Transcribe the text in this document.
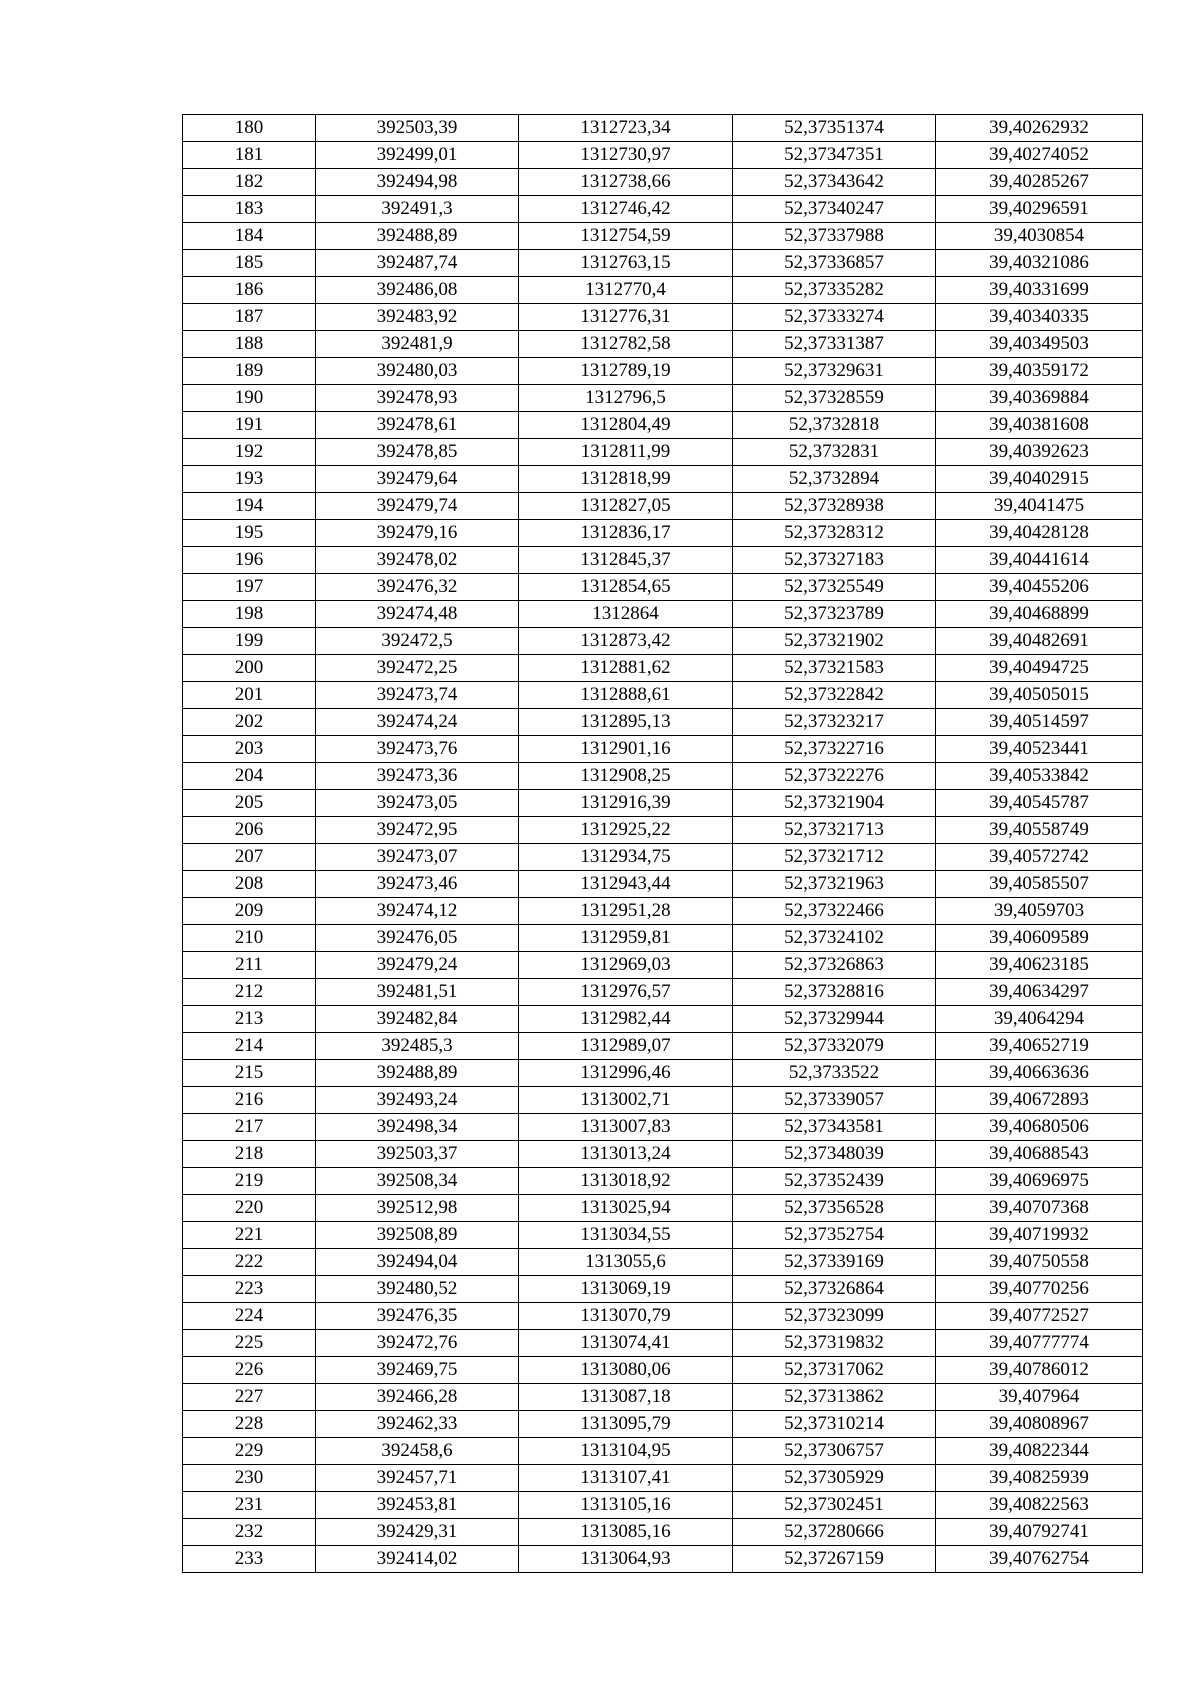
180	392503,39	1312723,34	52,37351374	39,40262932
181	392499,01	1312730,97	52,37347351	39,40274052
182	392494,98	1312738,66	52,37343642	39,40285267
183	392491,3	1312746,42	52,37340247	39,40296591
184	392488,89	1312754,59	52,37337988	39,4030854
185	392487,74	1312763,15	52,37336857	39,40321086
186	392486,08	1312770,4	52,37335282	39,40331699
187	392483,92	1312776,31	52,37333274	39,40340335
188	392481,9	1312782,58	52,37331387	39,40349503
189	392480,03	1312789,19	52,37329631	39,40359172
190	392478,93	1312796,5	52,37328559	39,40369884
191	392478,61	1312804,49	52,3732818	39,40381608
192	392478,85	1312811,99	52,3732831	39,40392623
193	392479,64	1312818,99	52,3732894	39,40402915
194	392479,74	1312827,05	52,37328938	39,4041475
195	392479,16	1312836,17	52,37328312	39,40428128
196	392478,02	1312845,37	52,37327183	39,40441614
197	392476,32	1312854,65	52,37325549	39,40455206
198	392474,48	1312864	52,37323789	39,40468899
199	392472,5	1312873,42	52,37321902	39,40482691
200	392472,25	1312881,62	52,37321583	39,40494725
201	392473,74	1312888,61	52,37322842	39,40505015
202	392474,24	1312895,13	52,37323217	39,40514597
203	392473,76	1312901,16	52,37322716	39,40523441
204	392473,36	1312908,25	52,37322276	39,40533842
205	392473,05	1312916,39	52,37321904	39,40545787
206	392472,95	1312925,22	52,37321713	39,40558749
207	392473,07	1312934,75	52,37321712	39,40572742
208	392473,46	1312943,44	52,37321963	39,40585507
209	392474,12	1312951,28	52,37322466	39,4059703
210	392476,05	1312959,81	52,37324102	39,40609589
211	392479,24	1312969,03	52,37326863	39,40623185
212	392481,51	1312976,57	52,37328816	39,40634297
213	392482,84	1312982,44	52,37329944	39,4064294
214	392485,3	1312989,07	52,37332079	39,40652719
215	392488,89	1312996,46	52,3733522	39,40663636
216	392493,24	1313002,71	52,37339057	39,40672893
217	392498,34	1313007,83	52,37343581	39,40680506
218	392503,37	1313013,24	52,37348039	39,40688543
219	392508,34	1313018,92	52,37352439	39,40696975
220	392512,98	1313025,94	52,37356528	39,40707368
221	392508,89	1313034,55	52,37352754	39,40719932
222	392494,04	1313055,6	52,37339169	39,40750558
223	392480,52	1313069,19	52,37326864	39,40770256
224	392476,35	1313070,79	52,37323099	39,40772527
225	392472,76	1313074,41	52,37319832	39,40777774
226	392469,75	1313080,06	52,37317062	39,40786012
227	392466,28	1313087,18	52,37313862	39,407964
228	392462,33	1313095,79	52,37310214	39,40808967
229	392458,6	1313104,95	52,37306757	39,40822344
230	392457,71	1313107,41	52,37305929	39,40825939
231	392453,81	1313105,16	52,37302451	39,40822563
232	392429,31	1313085,16	52,37280666	39,40792741
233	392414,02	1313064,93	52,37267159	39,40762754
